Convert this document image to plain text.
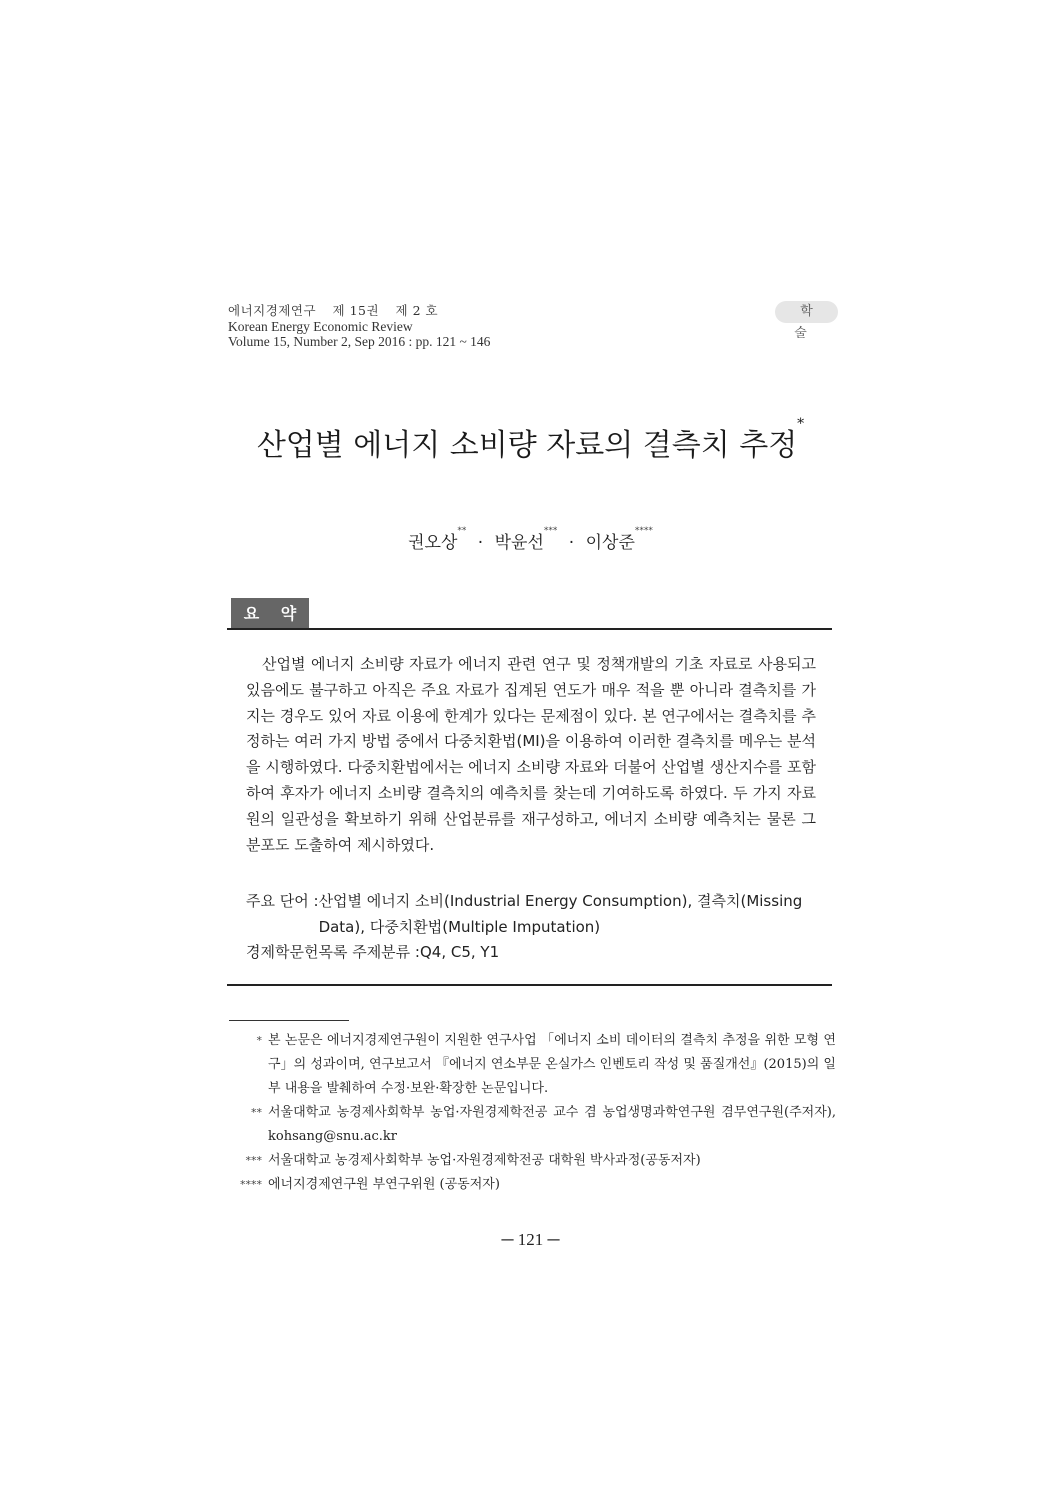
에너지경제연구 제 15권 제 2 호
Korean Energy Economic Review
Volume 15, Number 2, Sep 2016 : pp. 121 ~ 146
학 술
산업별 에너지 소비량 자료의 결측치 추정*
권오상** · 박윤선*** · 이상준****
요 약
산업별 에너지 소비량 자료가 에너지 관련 연구 및 정책개발의 기초 자료로 사용되고 있음에도 불구하고 아직은 주요 자료가 집계된 연도가 매우 적을 뿐 아니라 결측치를 가지는 경우도 있어 자료 이용에 한계가 있다는 문제점이 있다. 본 연구에서는 결측치를 추정하는 여러 가지 방법 중에서 다중치환법(MI)을 이용하여 이러한 결측치를 메우는 분석을 시행하였다. 다중치환법에서는 에너지 소비량 자료와 더불어 산업별 생산지수를 포함하여 후자가 에너지 소비량 결측치의 예측치를 찾는데 기여하도록 하였다. 두 가지 자료원의 일관성을 확보하기 위해 산업분류를 재구성하고, 에너지 소비량 예측치는 물론 그 분포도 도출하여 제시하였다.
주요 단어 : 산업별 에너지 소비(Industrial Energy Consumption), 결측치(Missing Data), 다중치환법(Multiple Imputation)
경제학문헌목록 주제분류 : Q4, C5, Y1
* 본 논문은 에너지경제연구원이 지원한 연구사업 「에너지 소비 데이터의 결측치 추정을 위한 모형 연구」의 성과이며, 연구보고서 『에너지 연소부문 온실가스 인벤토리 작성 및 품질개선』(2015)의 일부 내용을 발췌하여 수정·보완·확장한 논문입니다.
** 서울대학교 농경제사회학부 농업·자원경제학전공 교수 겸 농업생명과학연구원 겸무연구원(주저자), kohsang@snu.ac.kr
*** 서울대학교 농경제사회학부 농업·자원경제학전공 대학원 박사과정(공동저자)
**** 에너지경제연구원 부연구위원 (공동저자)
─ 121 ─
